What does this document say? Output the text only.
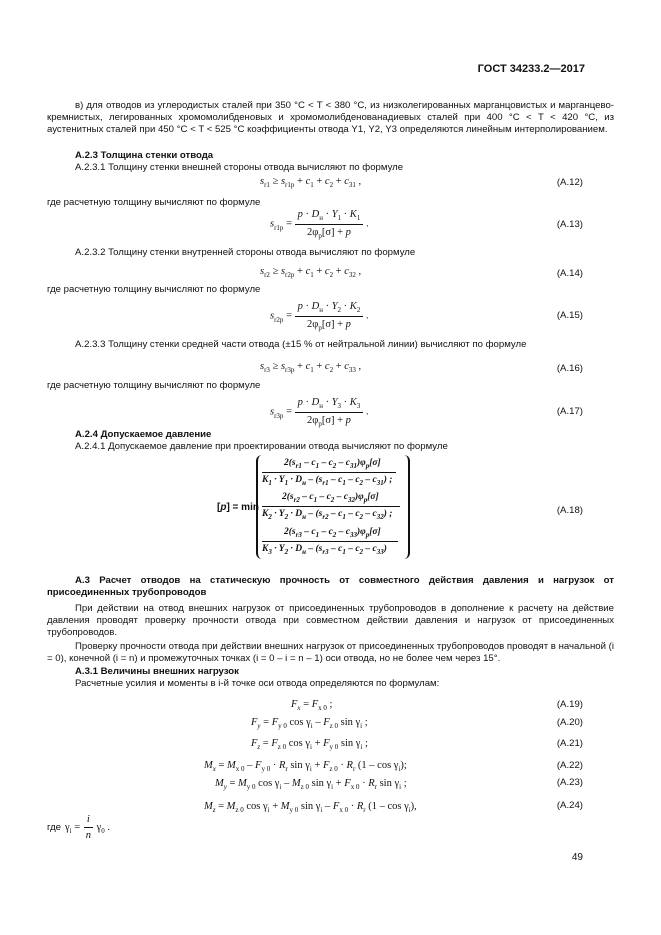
ГОСТ 34233.2—2017
в) для отводов из углеродистых сталей при 350 °С < T < 380 °С, из низколегированных марганцовистых и марганцево-кремнистых, легированных хромомолибденовых и хромомолибденованадиевых сталей при 400 °С < T < 420 °С, из аустенитных сталей при 450 °С < T < 525 °С коэффициенты отвода Y1, Y2, Y3 определяются линейным интерполированием.
А.2.3 Толщина стенки отвода
А.2.3.1 Толщину стенки внешней стороны отвода вычисляют по формуле
$s_{r1} \ge s_{r1p} + c_1 + c_2 + c_{31}$ ,	(А.12)
где расчетную толщину вычисляют по формуле
$s_{r1p}$ =
$p \cdot D_н \cdot Y_1 \cdot K_1$
$2\varphi_р[\sigma] + p$
.	(А.13)
А.2.3.2 Толщину стенки внутренней стороны отвода вычисляют по формуле
$s_{r2} \ge s_{r2p} + c_1 + c_2 + c_{32}$ ,	(А.14)
где расчетную толщину вычисляют по формуле
$s_{r2p}$ =
$p \cdot D_н \cdot Y_2 \cdot K_2$
$2\varphi_р[\sigma] + p$
.	(А.15)
А.2.3.3 Толщину стенки средней части отвода (±15 % от нейтральной линии) вычисляют по формуле
$s_{r3} \ge s_{r3p} + c_1 + c_2 + c_{33}$ ,	(А.16)
где расчетную толщину вычисляют по формуле
$s_{r3p}$ =
$p \cdot D_н \cdot Y_3 \cdot K_3$
$2\varphi_р[\sigma] + p$
.	(А.17)
А.2.4 Допускаемое давление
А.2.4.1 Допускаемое давление при проектировании отвода вычисляют по формуле
[p] = min
$2(s_{r1} - c_1 - c_2 - c_{31})\varphi_р[\sigma]$
$K_1 \cdot Y_1 \cdot D_н - (s_{r1} - c_1 - c_2 - c_{31})$ ;
$2(s_{r2} - c_1 - c_2 - c_{32})\varphi_р[\sigma]$
$K_2 \cdot Y_2 \cdot D_н - (s_{r2} - c_1 - c_2 - c_{32})$ ;
$2(s_{r3} - c_1 - c_2 - c_{33})\varphi_р[\sigma]$
$K_3 \cdot Y_2 \cdot D_н - (s_{r3} - c_1 - c_2 - c_{33})$
.	(А.18)
А.3 Расчет отводов на статическую прочность от совместного действия давления и нагрузок от присоединенных трубопроводов
При действии на отвод внешних нагрузок от присоединенных трубопроводов в дополнение к расчету на действие давления проводят проверку прочности отвода при совместном действии давления и нагрузок от присоединенных трубопроводов.
Проверку прочности отвода при действии внешних нагрузок от присоединенных трубопроводов проводят в начальной (i = 0), конечной (i = n) и промежуточных точках (i = 0 – i = n – 1) оси отвода, но не более чем через 15°.
А.3.1 Величины внешних нагрузок
Расчетные усилия и моменты в i-й точке оси отвода определяются по формулам:
$F_x = F_{x 0}$ ;	(А.19)
$F_y = F_{y 0}$ $\cos \gamma_i - F_{z 0}$ $\sin \gamma_i$ ;	(А.20)
$F_z = F_{z 0}$ $\cos \gamma_i + F_{y 0}$ $\sin \gamma_i$ ;	(А.21)
$M_x = M_{x 0} - F_{y 0} \cdot R_r$ $\sin \gamma_i + F_{z 0} \cdot R_r$ $(1 - \cos \gamma_i)$;	(А.22)
$M_y = M_{y 0}$ $\cos \gamma_i - M_{z 0}$ $\sin \gamma_i + F_{x 0} \cdot R_r$ $\sin \gamma_i$ ;	(А.23)
$M_z = M_{z 0}$ $\cos \gamma_i + M_{y 0}$ $\sin \gamma_i - F_{x 0} \cdot R_r$ $(1 - \cos \gamma_i)$,	(А.24)
где $\gamma_i = \frac{i}{n} \gamma_0$ .
49
